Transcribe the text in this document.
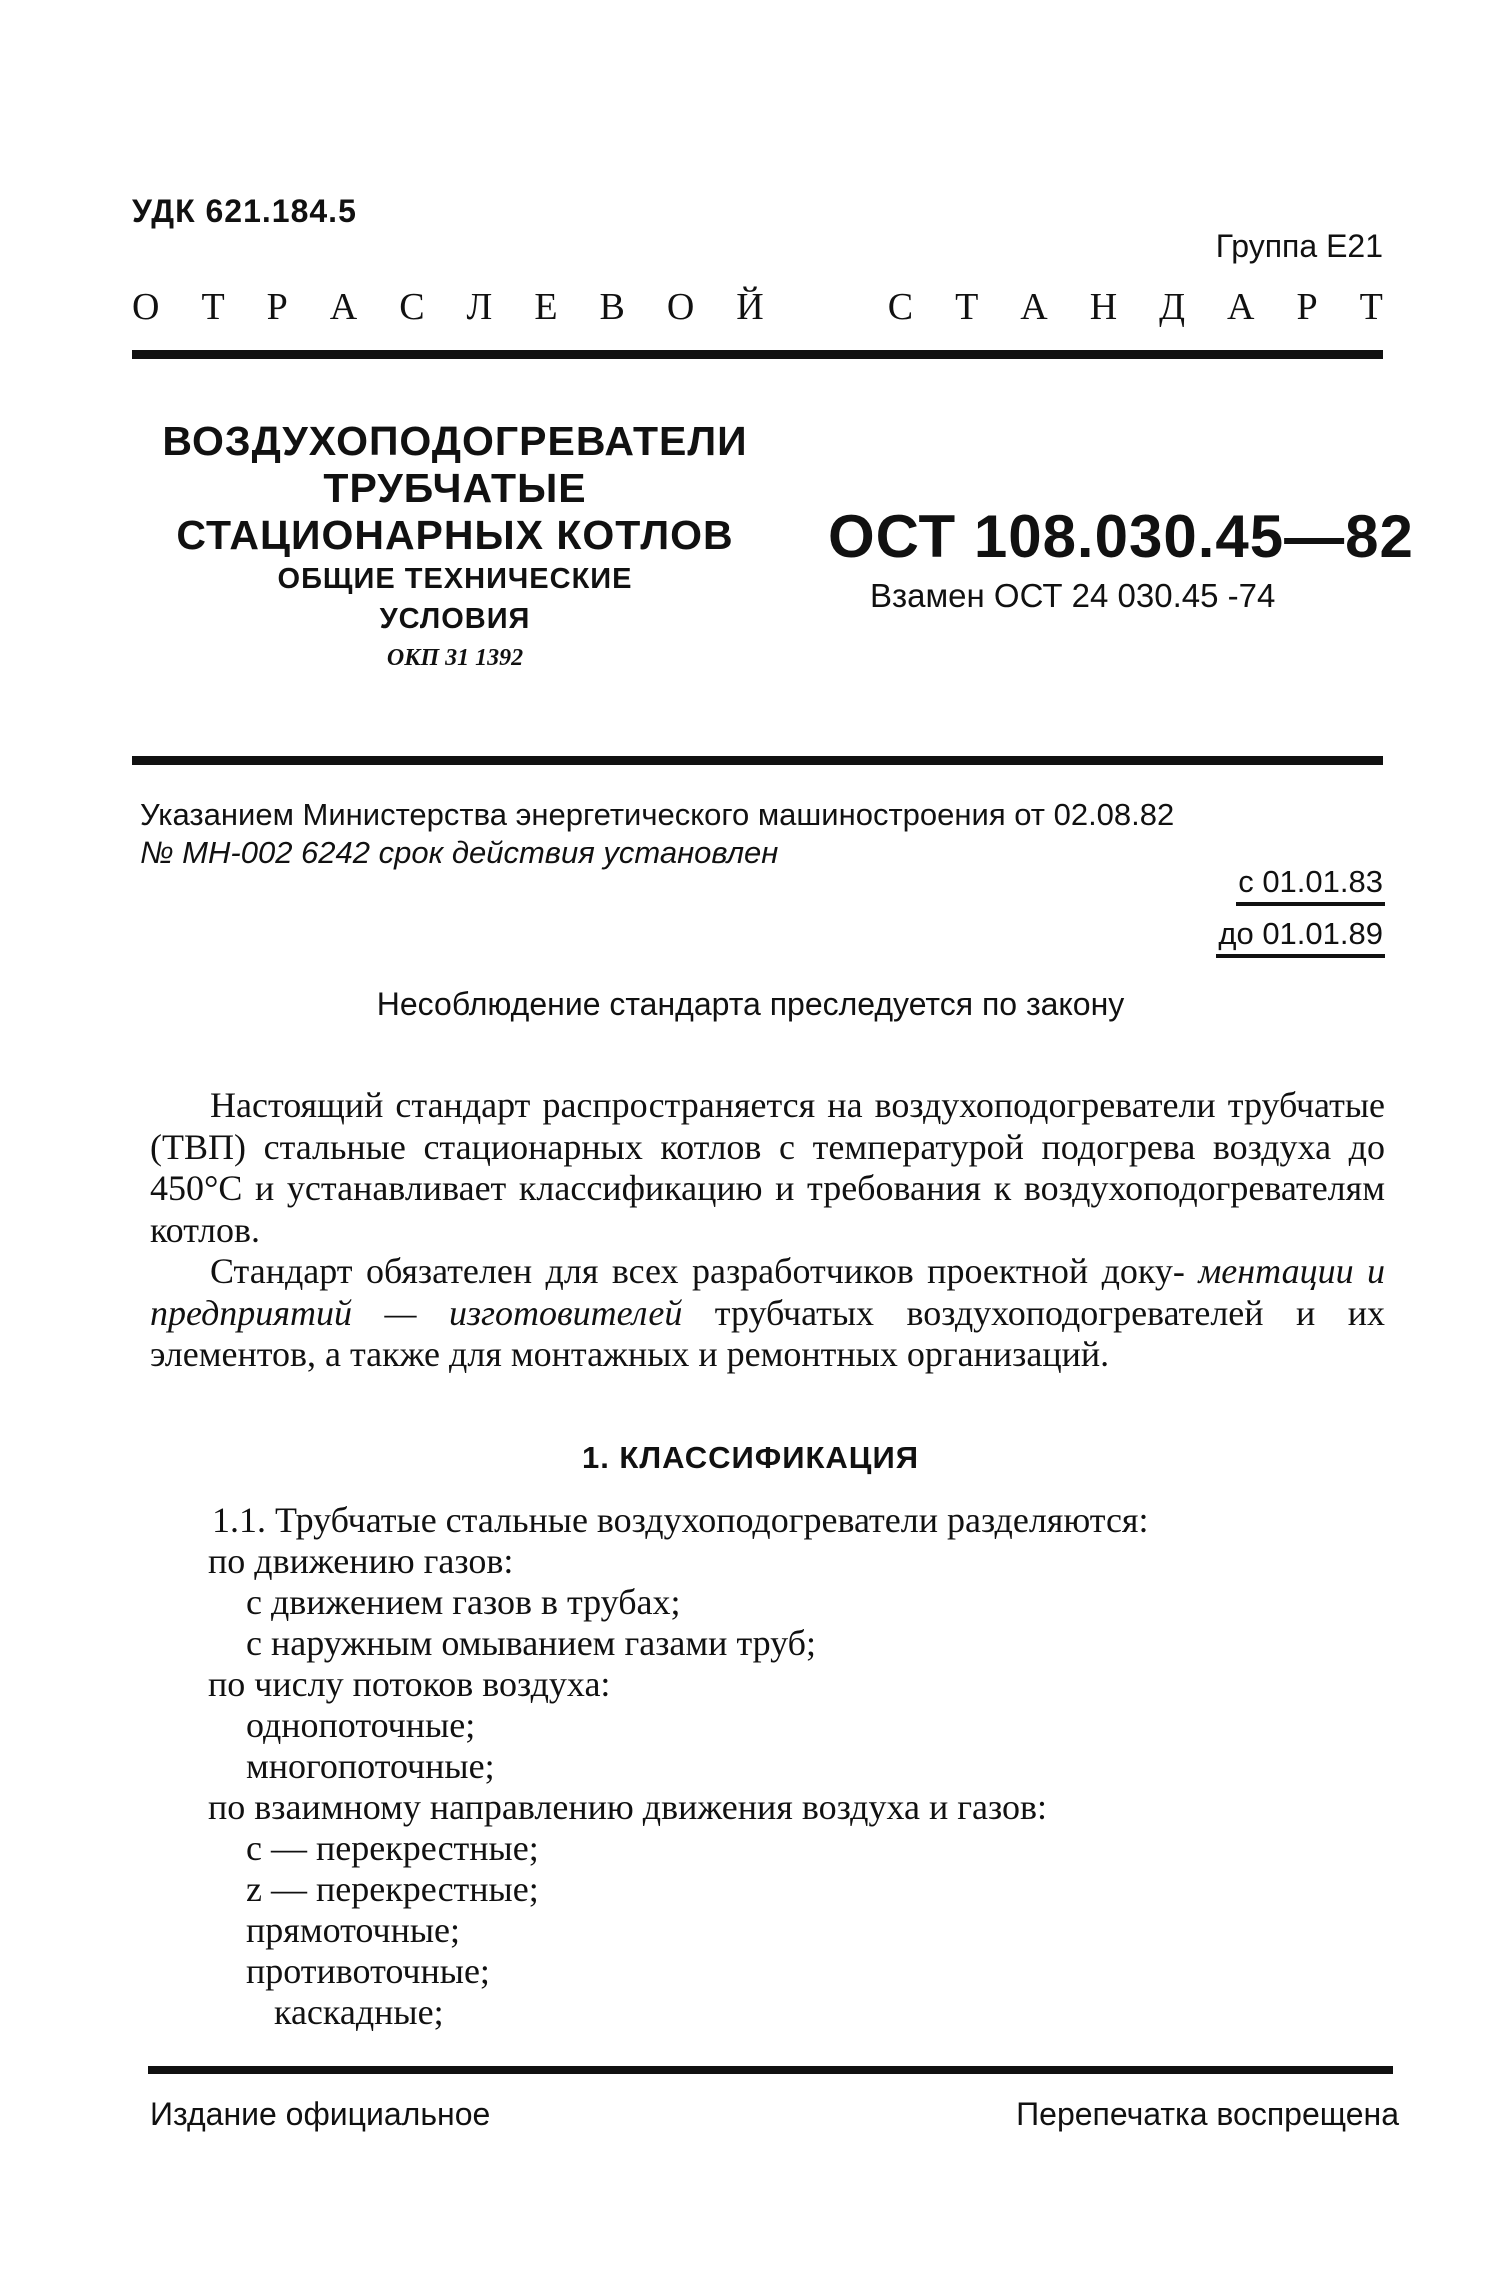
УДК 621.184.5
Группа Е21
О Т Р А С Л Е В О Й	С Т А Н Д А Р Т
ВОЗДУХОПОДОГРЕВАТЕЛИ
ТРУБЧАТЫЕ
СТАЦИОНАРНЫХ КОТЛОВ
ОБЩИЕ ТЕХНИЧЕСКИЕ
УСЛОВИЯ
ОКП 31 1392
ОСТ 108.030.45—82
Взамен ОСТ 24 030.45 -74
Указанием Министерства энергетического машиностроения от 02.08.82
№ МН-002 6242 срок действия установлен
с 01.01.83
до 01.01.89
Несоблюдение стандарта преследуется по закону

Настоящий стандарт распространяется на воздухоподогреватели трубчатые (ТВП) стальные стационарных котлов с температурой подогрева воздуха до 450°С и устанавливает классификацию и требования к воздухоподогревателям котлов.

Стандарт обязателен для всех разработчиков проектной доку- ментации и предприятий — изготовителей трубчатых воздухоподогревателей и их элементов, а также для монтажных и ремонтных организаций.

1. КЛАССИФИКАЦИЯ
1.1. Трубчатые стальные воздухоподогреватели разделяются:
по движению газов:
с движением газов в трубах;
с наружным омыванием газами труб;
по числу потоков воздуха:
однопоточные;
многопоточные;
по взаимному направлению движения воздуха и газов:
с — перекрестные;
z — перекрестные;
прямоточные;
противоточные;
каскадные;
Издание официальное	Перепечатка воспрещена
